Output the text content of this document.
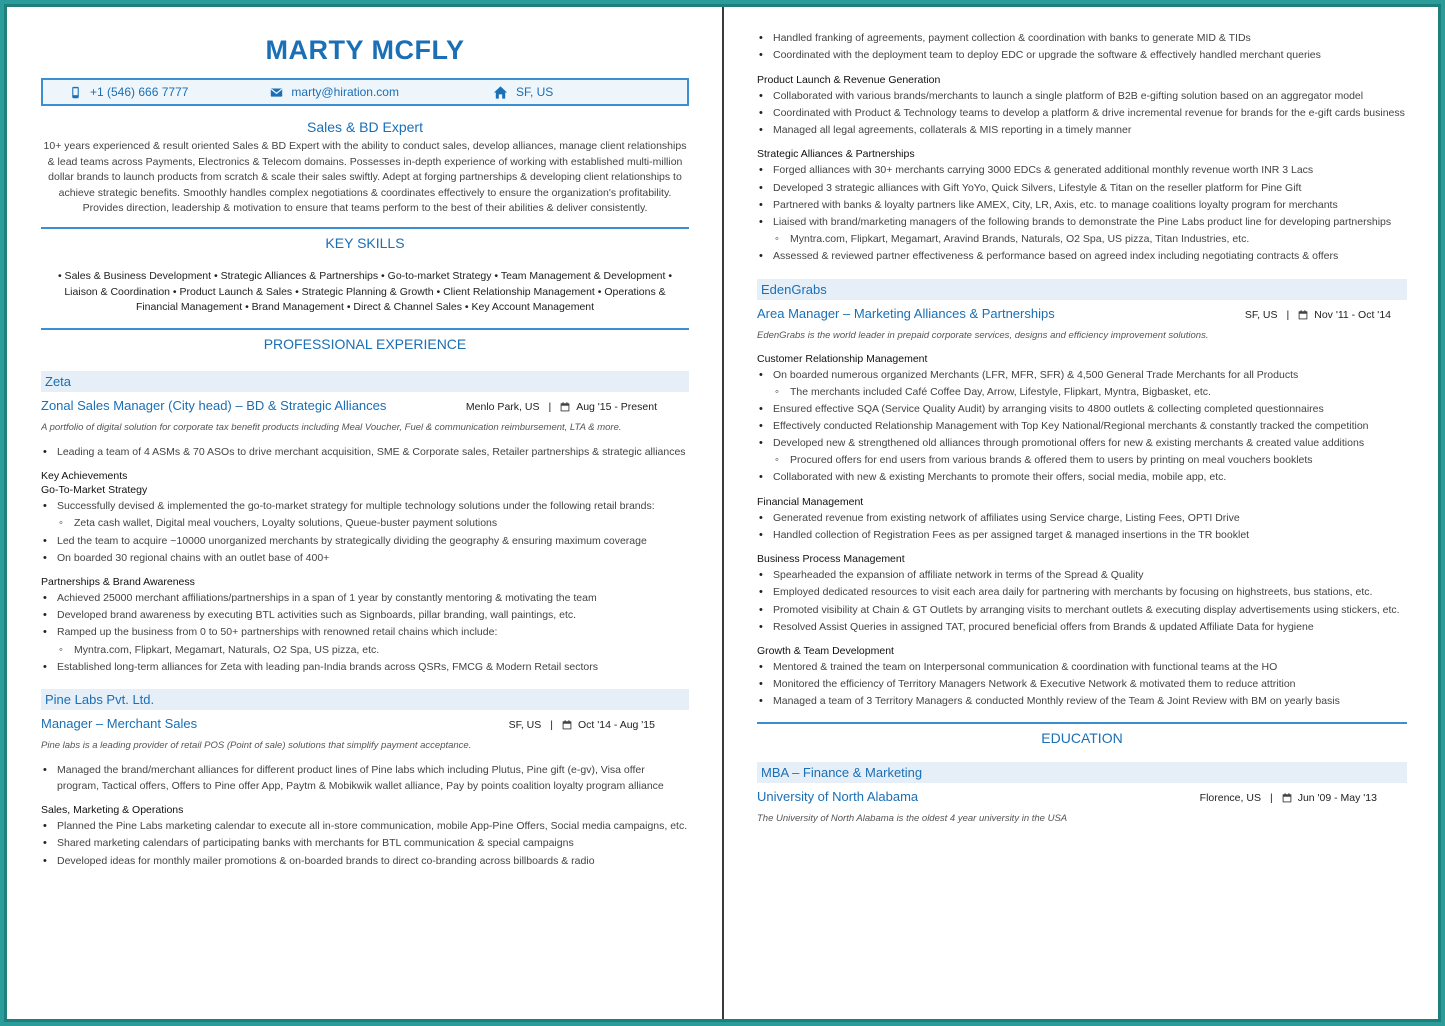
MARTY MCFLY
+1 (546) 666 7777	marty@hiration.com	SF, US
Sales & BD Expert
10+ years experienced & result oriented Sales & BD Expert with the ability to conduct sales, develop alliances, manage client relationships & lead teams across Payments, Electronics & Telecom domains. Possesses in-depth experience of working with established multi-million dollar brands to launch products from scratch & scale their sales swiftly. Adept at forging partnerships & developing client relationships to achieve strategic benefits. Smoothly handles complex negotiations & coordinates effectively to ensure the organization's profitability. Provides direction, leadership & motivation to ensure that teams perform to the best of their abilities & deliver consistently.
KEY SKILLS
• Sales & Business Development • Strategic Alliances & Partnerships • Go-to-market Strategy • Team Management & Development • Liaison & Coordination • Product Launch & Sales • Strategic Planning & Growth • Client Relationship Management • Operations & Financial Management • Brand Management • Direct & Channel Sales • Key Account Management
PROFESSIONAL EXPERIENCE
Zeta
Zonal Sales Manager (City head) – BD & Strategic Alliances	Menlo Park, US | Aug '15 - Present
A portfolio of digital solution for corporate tax benefit products including Meal Voucher, Fuel & communication reimbursement, LTA & more.
• Leading a team of 4 ASMs & 70 ASOs to drive merchant acquisition, SME & Corporate sales, Retailer partnerships & strategic alliances
Key Achievements
Go-To-Market Strategy
• Successfully devised & implemented the go-to-market strategy for multiple technology solutions under the following retail brands:
◦ Zeta cash wallet, Digital meal vouchers, Loyalty solutions, Queue-buster payment solutions
• Led the team to acquire ~10000 unorganized merchants by strategically dividing the geography & ensuring maximum coverage
• On boarded 30 regional chains with an outlet base of 400+
Partnerships & Brand Awareness
• Achieved 25000 merchant affiliations/partnerships in a span of 1 year by constantly mentoring & motivating the team
• Developed brand awareness by executing BTL activities such as Signboards, pillar branding, wall paintings, etc.
• Ramped up the business from 0 to 50+ partnerships with renowned retail chains which include:
◦ Myntra.com, Flipkart, Megamart, Naturals, O2 Spa, US pizza, etc.
• Established long-term alliances for Zeta with leading pan-India brands across QSRs, FMCG & Modern Retail sectors
Pine Labs Pvt. Ltd.
Manager – Merchant Sales	SF, US | Oct '14 - Aug '15
Pine labs is a leading provider of retail POS (Point of sale) solutions that simplify payment acceptance.
• Managed the brand/merchant alliances for different product lines of Pine labs which including Plutus, Pine gift (e-gv), Visa offer program, Tactical offers, Offers to Pine offer App, Paytm & Mobikwik wallet alliance, Pay by points coalition loyalty program alliance
Sales, Marketing & Operations
• Planned the Pine Labs marketing calendar to execute all in-store communication, mobile App-Pine Offers, Social media campaigns, etc.
• Shared marketing calendars of participating banks with merchants for BTL communication & special campaigns
• Developed ideas for monthly mailer promotions & on-boarded brands to direct co-branding across billboards & radio
• Handled franking of agreements, payment collection & coordination with banks to generate MID & TIDs
• Coordinated with the deployment team to deploy EDC or upgrade the software & effectively handled merchant queries
Product Launch & Revenue Generation
• Collaborated with various brands/merchants to launch a single platform of B2B e-gifting solution based on an aggregator model
• Coordinated with Product & Technology teams to develop a platform & drive incremental revenue for brands for the e-gift cards business
• Managed all legal agreements, collaterals & MIS reporting in a timely manner
Strategic Alliances & Partnerships
• Forged alliances with 30+ merchants carrying 3000 EDCs & generated additional monthly revenue worth INR 3 Lacs
• Developed 3 strategic alliances with Gift YoYo, Quick Silvers, Lifestyle & Titan on the reseller platform for Pine Gift
• Partnered with banks & loyalty partners like AMEX, City, LR, Axis, etc. to manage coalitions loyalty program for merchants
• Liaised with brand/marketing managers of the following brands to demonstrate the Pine Labs product line for developing partnerships
◦ Myntra.com, Flipkart, Megamart, Aravind Brands, Naturals, O2 Spa, US pizza, Titan Industries, etc.
• Assessed & reviewed partner effectiveness & performance based on agreed index including negotiating contracts & offers
EdenGrabs
Area Manager – Marketing Alliances & Partnerships	SF, US | Nov '11 - Oct '14
EdenGrabs is the world leader in prepaid corporate services, designs and efficiency improvement solutions.
Customer Relationship Management
• On boarded numerous organized Merchants (LFR, MFR, SFR) & 4,500 General Trade Merchants for all Products
◦ The merchants included Café Coffee Day, Arrow, Lifestyle, Flipkart, Myntra, Bigbasket, etc.
• Ensured effective SQA (Service Quality Audit) by arranging visits to 4800 outlets & collecting completed questionnaires
• Effectively conducted Relationship Management with Top Key National/Regional merchants & constantly tracked the competition
• Developed new & strengthened old alliances through promotional offers for new & existing merchants & created value additions
◦ Procured offers for end users from various brands & offered them to users by printing on meal vouchers booklets
• Collaborated with new & existing Merchants to promote their offers, social media, mobile app, etc.
Financial Management
• Generated revenue from existing network of affiliates using Service charge, Listing Fees, OPTI Drive
• Handled collection of Registration Fees as per assigned target & managed insertions in the TR booklet
Business Process Management
• Spearheaded the expansion of affiliate network in terms of the Spread & Quality
• Employed dedicated resources to visit each area daily for partnering with merchants by focusing on highstreets, bus stations, etc.
• Promoted visibility at Chain & GT Outlets by arranging visits to merchant outlets & executing display advertisements using stickers, etc.
• Resolved Assist Queries in assigned TAT, procured beneficial offers from Brands & updated Affiliate Data for hygiene
Growth & Team Development
• Mentored & trained the team on Interpersonal communication & coordination with functional teams at the HO
• Monitored the efficiency of Territory Managers Network & Executive Network & motivated them to reduce attrition
• Managed a team of 3 Territory Managers & conducted Monthly review of the Team & Joint Review with BM on yearly basis
EDUCATION
MBA – Finance & Marketing
University of North Alabama	Florence, US | Jun '09 - May '13
The University of North Alabama is the oldest 4 year university in the USA
